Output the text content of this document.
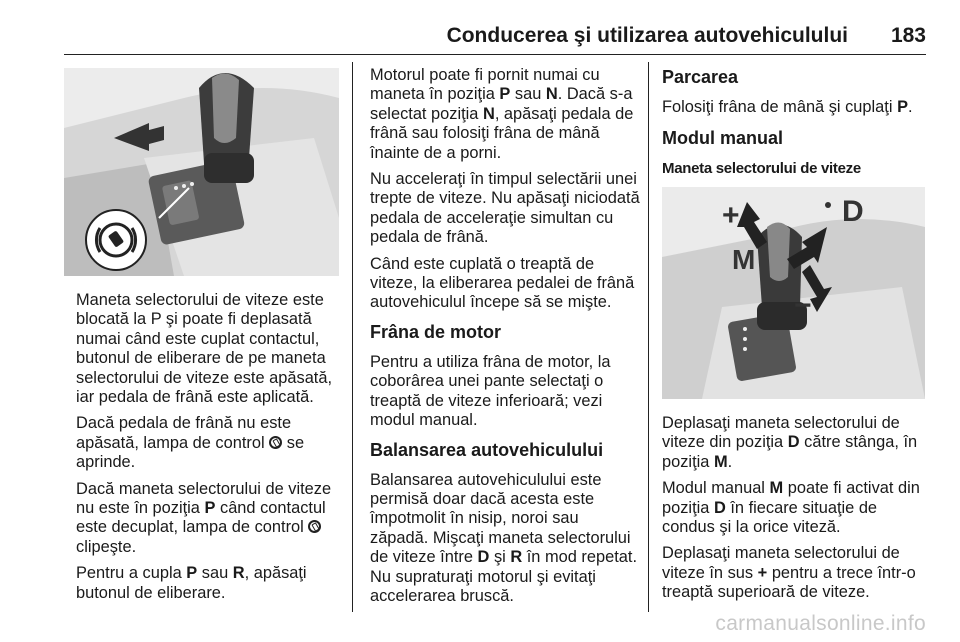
Conducerea şi utilizarea autovehiculului 183

Maneta selectorului de viteze este blocată la P şi poate fi deplasată numai când este cuplat contactul, butonul de eliberare de pe maneta selectorului de viteze este apăsată, iar pedala de frână este aplicată.

Dacă pedala de frână nu este apăsată, lampa de control se aprinde.

Dacă maneta selectorului de viteze nu este în poziţia P când contactul este decuplat, lampa de control  clipeşte.

Pentru a cupla P sau R, apăsaţi butonul de eliberare.

Motorul poate fi pornit numai cu maneta în poziţia P sau N. Dacă s-a selectat poziţia N, apăsaţi pedala de frână sau folosiţi frâna de mână înainte de a porni.

Nu acceleraţi în timpul selectării unei trepte de viteze. Nu apăsaţi niciodată pedala de acceleraţie simultan cu pedala de frână.

Când este cuplată o treaptă de viteze, la eliberarea pedalei de frână autovehiculul începe să se mişte.

Frâna de motor

Pentru a utiliza frâna de motor, la coborârea unei pante selectaţi o treaptă de viteze inferioară; vezi modul manual.

Balansarea autovehiculului

Balansarea autovehiculului este permisă doar dacă acesta este împotmolit în nisip, noroi sau zăpadă. Mişcaţi maneta selectorului de viteze între D şi R în mod repetat. Nu supraturaţi motorul şi evitaţi accelerarea bruscă.

Parcarea

Folosiţi frâna de mână şi cuplaţi P.

Modul manual
Maneta selectorului de viteze
+	D
M
−

Deplasaţi maneta selectorului de viteze din poziţia D către stânga, în poziţia M.

Modul manual M poate fi activat din poziţia D în fiecare situaţie de condus şi la orice viteză.

Deplasaţi maneta selectorului de viteze în sus + pentru a trece într-o treaptă superioară de viteze.

carmanualsonline.info
